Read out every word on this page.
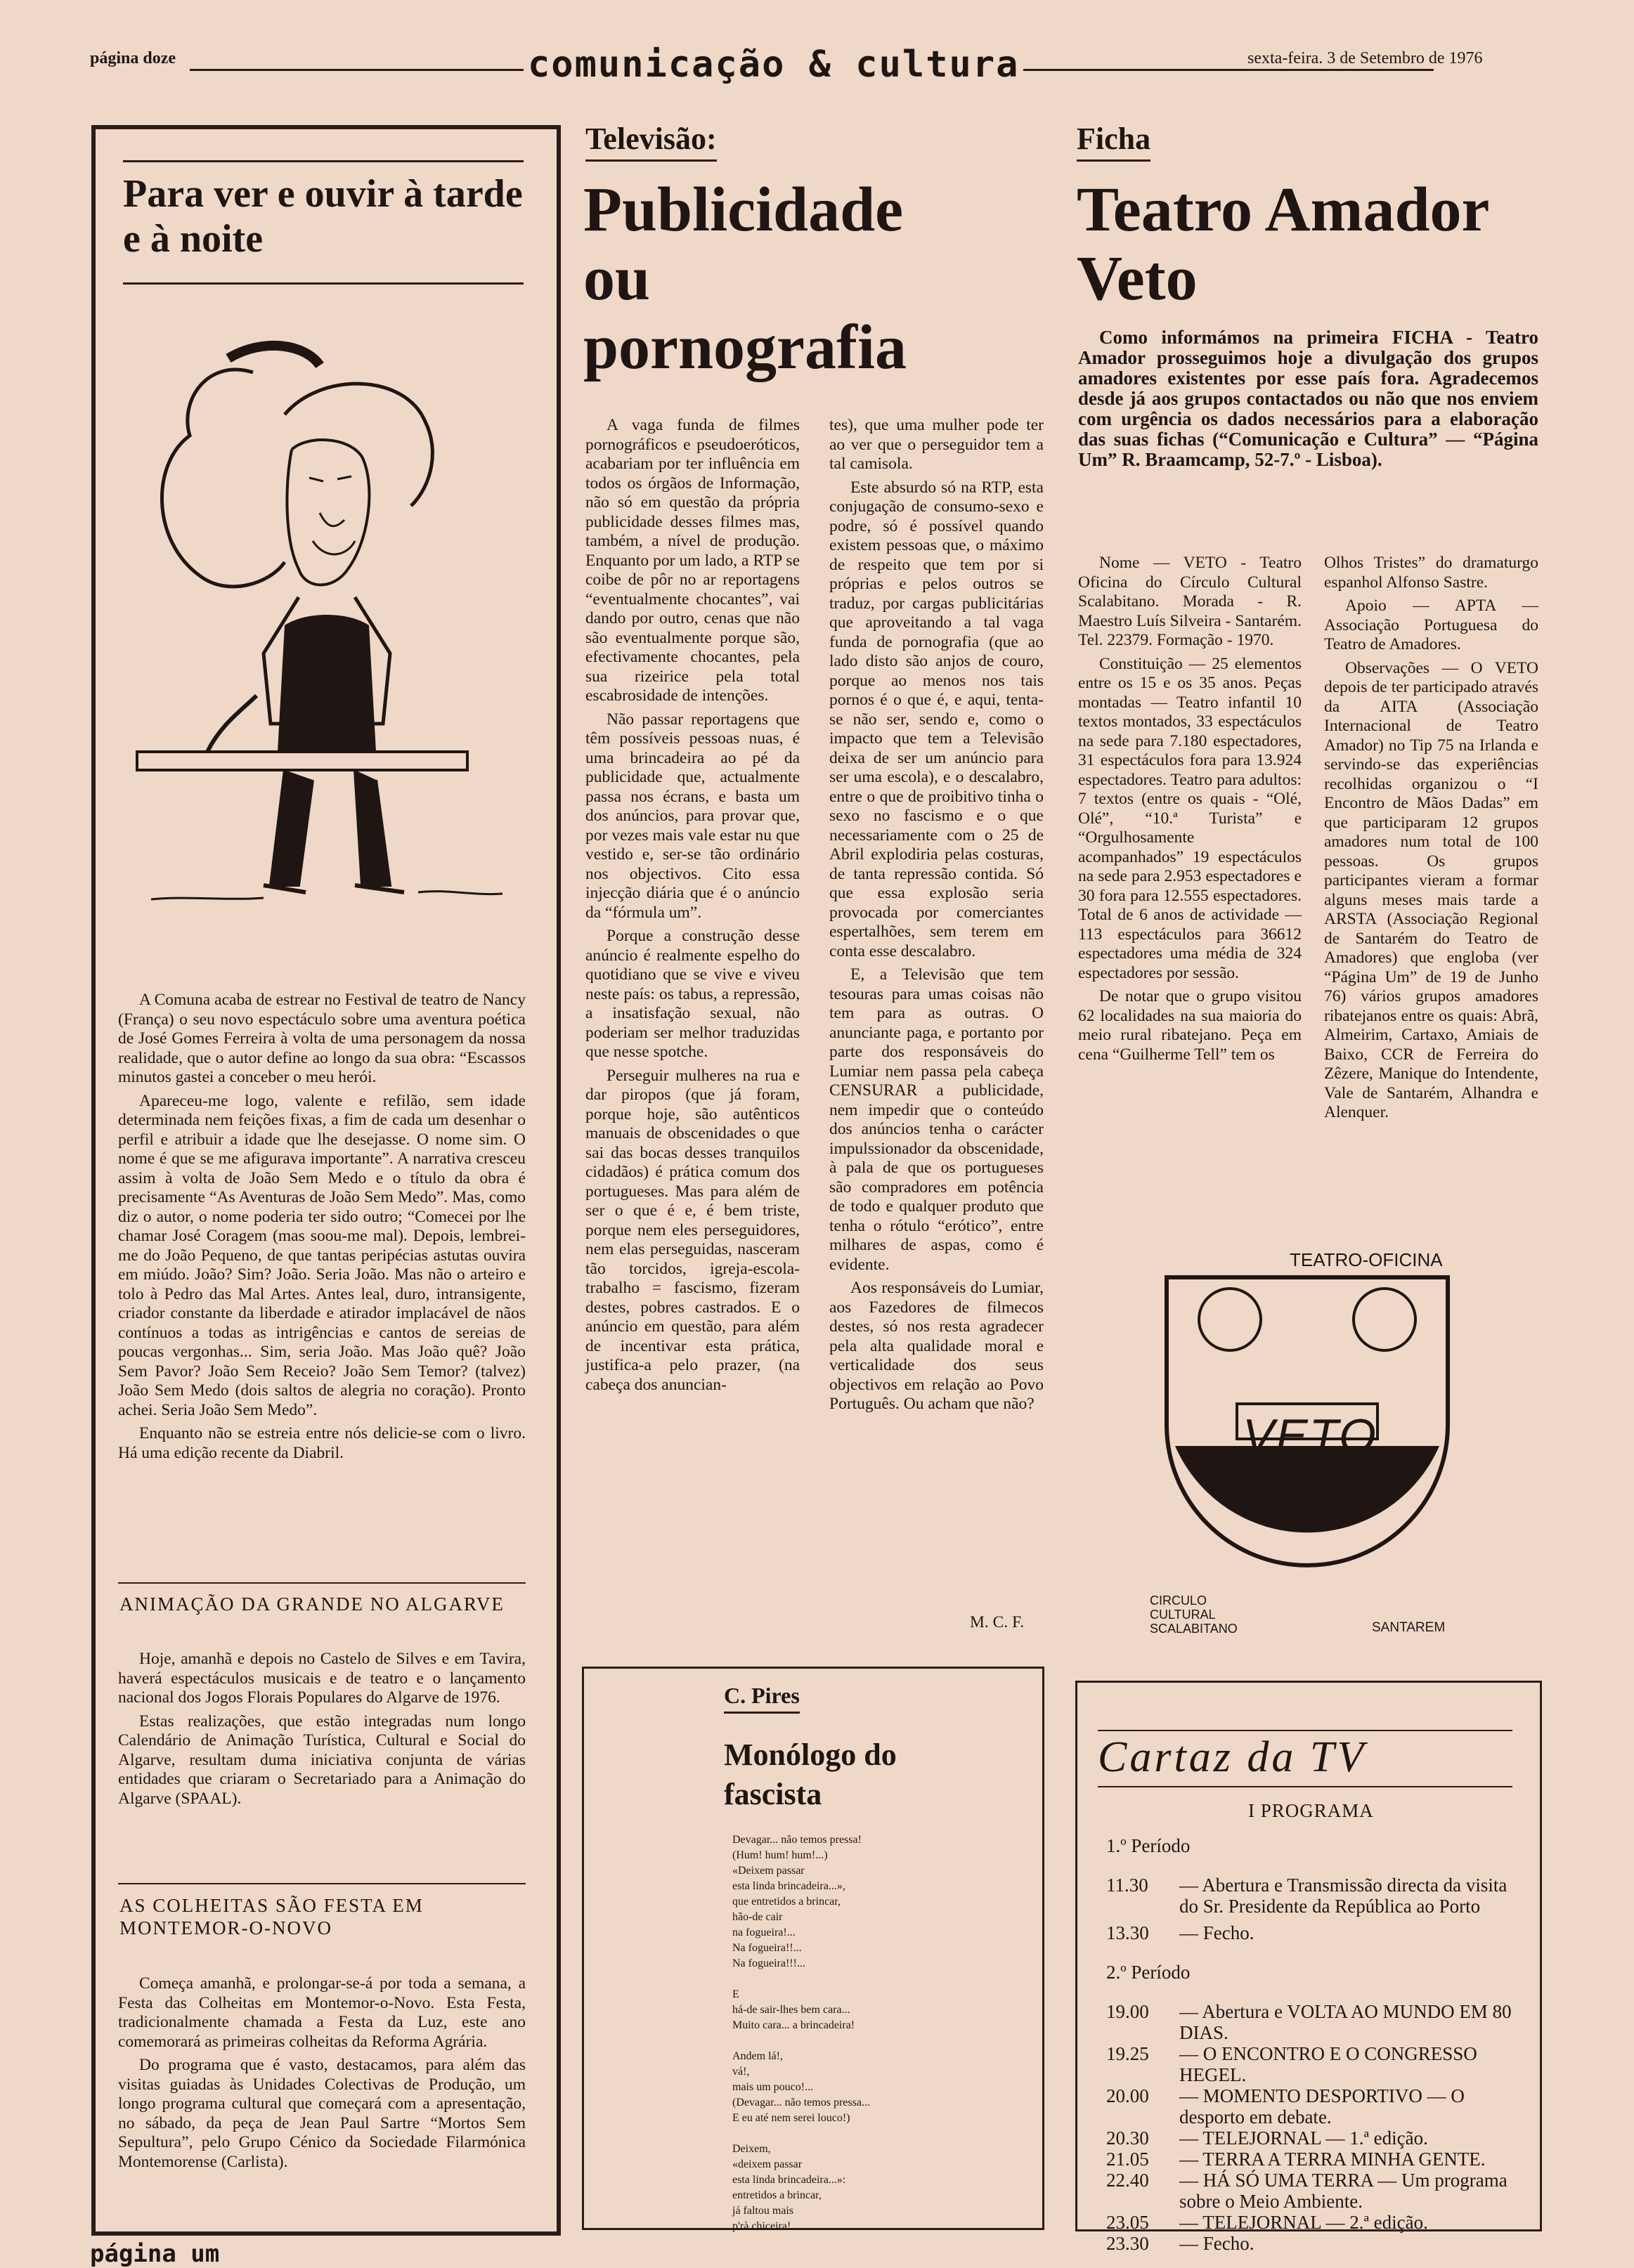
página doze	comunicação & cultura	sexta-feira. 3 de Setembro de 1976
Para ver e ouvir à tarde e à noite

A Comuna acaba de estrear no Festival de teatro de Nancy (França) o seu novo espectáculo sobre uma aventura poética de José Gomes Ferreira à volta de uma personagem da nossa realidade, que o autor define ao longo da sua obra: “Escassos minutos gastei a conceber o meu herói.

Apareceu-me logo, valente e refilão, sem idade determinada nem feições fixas, a fim de cada um desenhar o perfil e atribuir a idade que lhe desejasse. O nome sim. O nome é que se me afigurava importante”. A narrativa cresceu assim à volta de João Sem Medo e o título da obra é precisamente “As Aventuras de João Sem Medo”. Mas, como diz o autor, o nome poderia ter sido outro; “Comecei por lhe chamar José Coragem (mas soou-me mal). Depois, lembrei-me do João Pequeno, de que tantas peripécias astutas ouvira em miúdo. João? Sim? João. Seria João. Mas não o arteiro e tolo à Pedro das Mal Artes. Antes leal, duro, intransigente, criador constante da liberdade e atirador implacável de nãos contínuos a todas as intrigências e cantos de sereias de poucas vergonhas... Sim, seria João. Mas João quê? João Sem Pavor? João Sem Receio? João Sem Temor? (talvez) João Sem Medo (dois saltos de alegria no coração). Pronto achei. Seria João Sem Medo”.

Enquanto não se estreia entre nós delicie-se com o livro. Há uma edição recente da Diabril.

ANIMAÇÃO DA GRANDE NO ALGARVE

Hoje, amanhã e depois no Castelo de Silves e em Tavira, haverá espectáculos musicais e de teatro e o lançamento nacional dos Jogos Florais Populares do Algarve de 1976.

Estas realizações, que estão integradas num longo Calendário de Animação Turística, Cultural e Social do Algarve, resultam duma iniciativa conjunta de várias entidades que criaram o Secretariado para a Animação do Algarve (SPAAL).

AS COLHEITAS SÃO FESTA EM MONTEMOR-O-NOVO

Começa amanhã, e prolongar-se-á por toda a semana, a Festa das Colheitas em Montemor-o-Novo. Esta Festa, tradicionalmente chamada a Festa da Luz, este ano comemorará as primeiras colheitas da Reforma Agrária.

Do programa que é vasto, destacamos, para além das visitas guiadas às Unidades Colectivas de Produção, um longo programa cultural que começará com a apresentação, no sábado, da peça de Jean Paul Sartre “Mortos Sem Sepultura”, pelo Grupo Cénico da Sociedade Filarmónica Montemorense (Carlista).

Televisão:
Publicidade
ou
pornografia

A vaga funda de filmes pornográficos e pseudoeróticos, acabariam por ter influência em todos os órgãos de Informação, não só em questão da própria publicidade desses filmes mas, também, a nível de produção. Enquanto por um lado, a RTP se coibe de pôr no ar reportagens “eventualmente chocantes”, vai dando por outro, cenas que não são eventualmente porque são, efectivamente chocantes, pela sua rizeirice pela total escabrosidade de intenções.

Não passar reportagens que têm possíveis pessoas nuas, é uma brincadeira ao pé da publicidade que, actualmente passa nos écrans, e basta um dos anúncios, para provar que, por vezes mais vale estar nu que vestido e, ser-se tão ordinário nos objectivos. Cito essa injecção diária que é o anúncio da “fórmula um”.

Porque a construção desse anúncio é realmente espelho do quotidiano que se vive e viveu neste país: os tabus, a repressão, a insatisfação sexual, não poderiam ser melhor traduzidas que nesse spotche.

Perseguir mulheres na rua e dar piropos (que já foram, porque hoje, são autênticos manuais de obscenidades o que sai das bocas desses tranquilos cidadãos) é prática comum dos portugueses. Mas para além de ser o que é e, é bem triste, porque nem eles perseguidores, nem elas perseguidas, nasceram tão torcidos, igreja-escola-trabalho = fascismo, fizeram destes, pobres castrados. E o anúncio em questão, para além de incentivar esta prática, justifica-a pelo prazer, (na cabeça dos anuncian-

tes), que uma mulher pode ter ao ver que o perseguidor tem a tal camisola.

Este absurdo só na RTP, esta conjugação de consumo-sexo e podre, só é possível quando existem pessoas que, o máximo de respeito que tem por si próprias e pelos outros se traduz, por cargas publicitárias que aproveitando a tal vaga funda de pornografia (que ao lado disto são anjos de couro, porque ao menos nos tais pornos é o que é, e aqui, tenta-se não ser, sendo e, como o impacto que tem a Televisão deixa de ser um anúncio para ser uma escola), e o descalabro, entre o que de proibitivo tinha o sexo no fascismo e o que necessariamente com o 25 de Abril explodiria pelas costuras, de tanta repressão contida. Só que essa explosão seria provocada por comerciantes espertalhões, sem terem em conta esse descalabro.

E, a Televisão que tem tesouras para umas coisas não tem para as outras. O anunciante paga, e portanto por parte dos responsáveis do Lumiar nem passa pela cabeça CENSURAR a publicidade, nem impedir que o conteúdo dos anúncios tenha o carácter impulssionador da obscenidade, à pala de que os portugueses são compradores em potência de todo e qualquer produto que tenha o rótulo “erótico”, entre milhares de aspas, como é evidente.

Aos responsáveis do Lumiar, aos Fazedores de filmecos destes, só nos resta agradecer pela alta qualidade moral e verticalidade dos seus objectivos em relação ao Povo Português. Ou acham que não?

M. C. F.
C. Pires
Monólogo do fascista
Devagar... não temos pressa!
(Hum! hum! hum!...)
«Deixem passar
esta linda brincadeira...»,
que entretidos a brincar,
hão-de cair
na fogueira!...
Na fogueira!!...
Na fogueira!!!...
E
há-de sair-lhes bem cara...
Muito cara... a brincadeira!
Andem lá!,
vá!,
mais um pouco!...
(Devagar... não temos pressa...
E eu até nem serei louco!)
Deixem,
«deixem passar
esta linda brincadeira...»:
entretidos a brincar,
já faltou mais
p'rà chiceira!...
Ficha
Teatro Amador
Veto

Como informámos na primeira FICHA - Teatro Amador prosseguimos hoje a divulgação dos grupos amadores existentes por esse país fora. Agradecemos desde já aos grupos contactados ou não que nos enviem com urgência os dados necessários para a elaboração das suas fichas (“Comunicação e Cultura” — “Página Um” R. Braamcamp, 52-7.º - Lisboa).

Nome — VETO - Teatro Oficina do Círculo Cultural Scalabitano. Morada - R. Maestro Luís Silveira - Santarém. Tel. 22379. Formação - 1970.

Constituição — 25 elementos entre os 15 e os 35 anos. Peças montadas — Teatro infantil 10 textos montados, 33 espectáculos na sede para 7.180 espectadores, 31 espectáculos fora para 13.924 espectadores. Teatro para adultos: 7 textos (entre os quais - “Olé, Olé”, “10.ª Turista” e “Orgulhosamente acompanhados” 19 espectáculos na sede para 2.953 espectadores e 30 fora para 12.555 espectadores. Total de 6 anos de actividade — 113 espectáculos para 36612 espectadores uma média de 324 espectadores por sessão.

De notar que o grupo visitou 62 localidades na sua maioria do meio rural ribatejano. Peça em cena “Guilherme Tell” tem os

Olhos Tristes” do dramaturgo espanhol Alfonso Sastre.

Apoio — APTA — Associação Portuguesa do Teatro de Amadores.

Observações — O VETO depois de ter participado através da AITA (Associação Internacional de Teatro Amador) no Tip 75 na Irlanda e servindo-se das experiências recolhidas organizou o “I Encontro de Mãos Dadas” em que participaram 12 grupos amadores num total de 100 pessoas. Os grupos participantes vieram a formar alguns meses mais tarde a ARSTA (Associação Regional de Santarém do Teatro de Amadores) que engloba (ver “Página Um” de 19 de Junho 76) vários grupos amadores ribatejanos entre os quais: Abrã, Almeirim, Cartaxo, Amiais de Baixo, CCR de Ferreira do Zêzere, Manique do Intendente, Vale de Santarém, Alhandra e Alenquer.

TEATRO-OFICINA
VETO
CIRCULO CULTURAL SCALABITANO	SANTAREM
Cartaz da TV
I PROGRAMA
1.º Período
11.30	— Abertura e Transmissão directa da visita do Sr. Presidente da República ao Porto
13.30	— Fecho.
2.º Período
19.00	— Abertura e VOLTA AO MUNDO EM 80 DIAS.
19.25	— O ENCONTRO E O CONGRESSO HEGEL.
20.00	— MOMENTO DESPORTIVO — O desporto em debate.
20.30	— TELEJORNAL — 1.ª edição.
21.05	— TERRA A TERRA MINHA GENTE.
22.40	— HÁ SÓ UMA TERRA — Um programa sobre o Meio Ambiente.
23.05	— TELEJORNAL — 2.ª edição.
23.30	— Fecho.
página um
